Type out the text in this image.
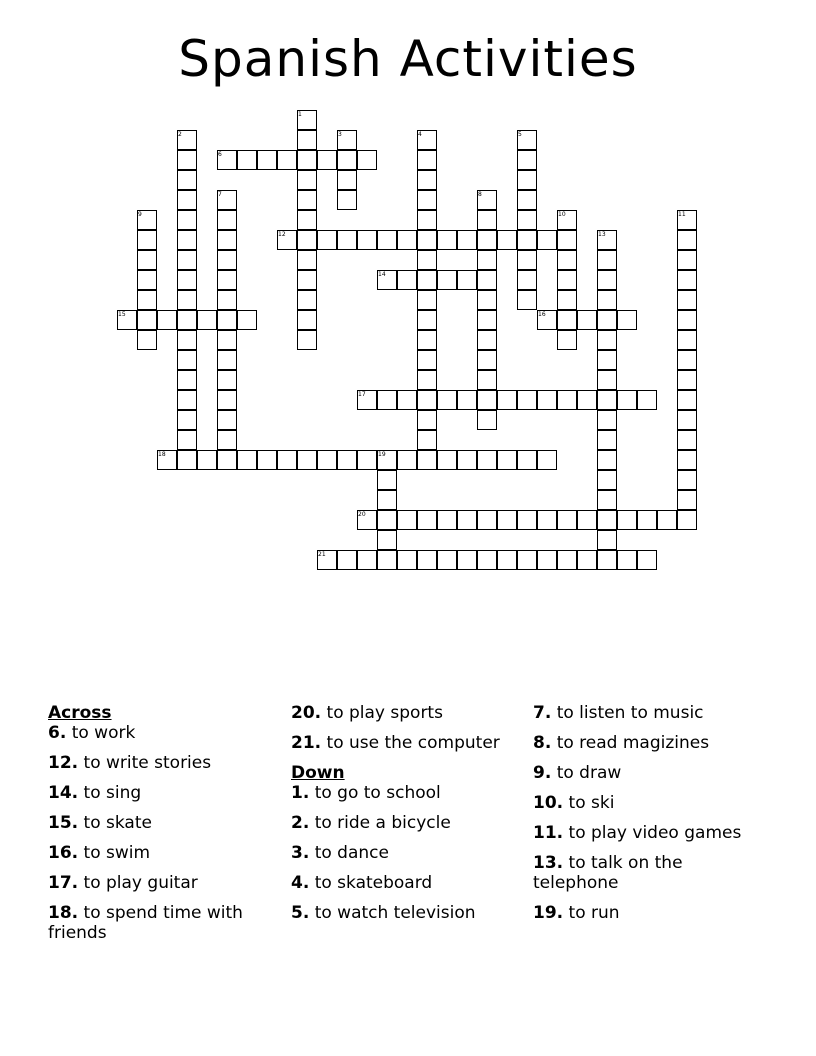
Spanish Activities
1
2	3	4	5
6
7	8
9	10	11
12	13
14
15	16
17
18	19
20
21
Across
6. to work
12. to write stories
14. to sing
15. to skate
16. to swim
17. to play guitar
18. to spend time with friends
20. to play sports
21. to use the computer
Down
1. to go to school
2. to ride a bicycle
3. to dance
4. to skateboard
5. to watch television
7. to listen to music
8. to read magizines
9. to draw
10. to ski
11. to play video games
13. to talk on the telephone
19. to run
